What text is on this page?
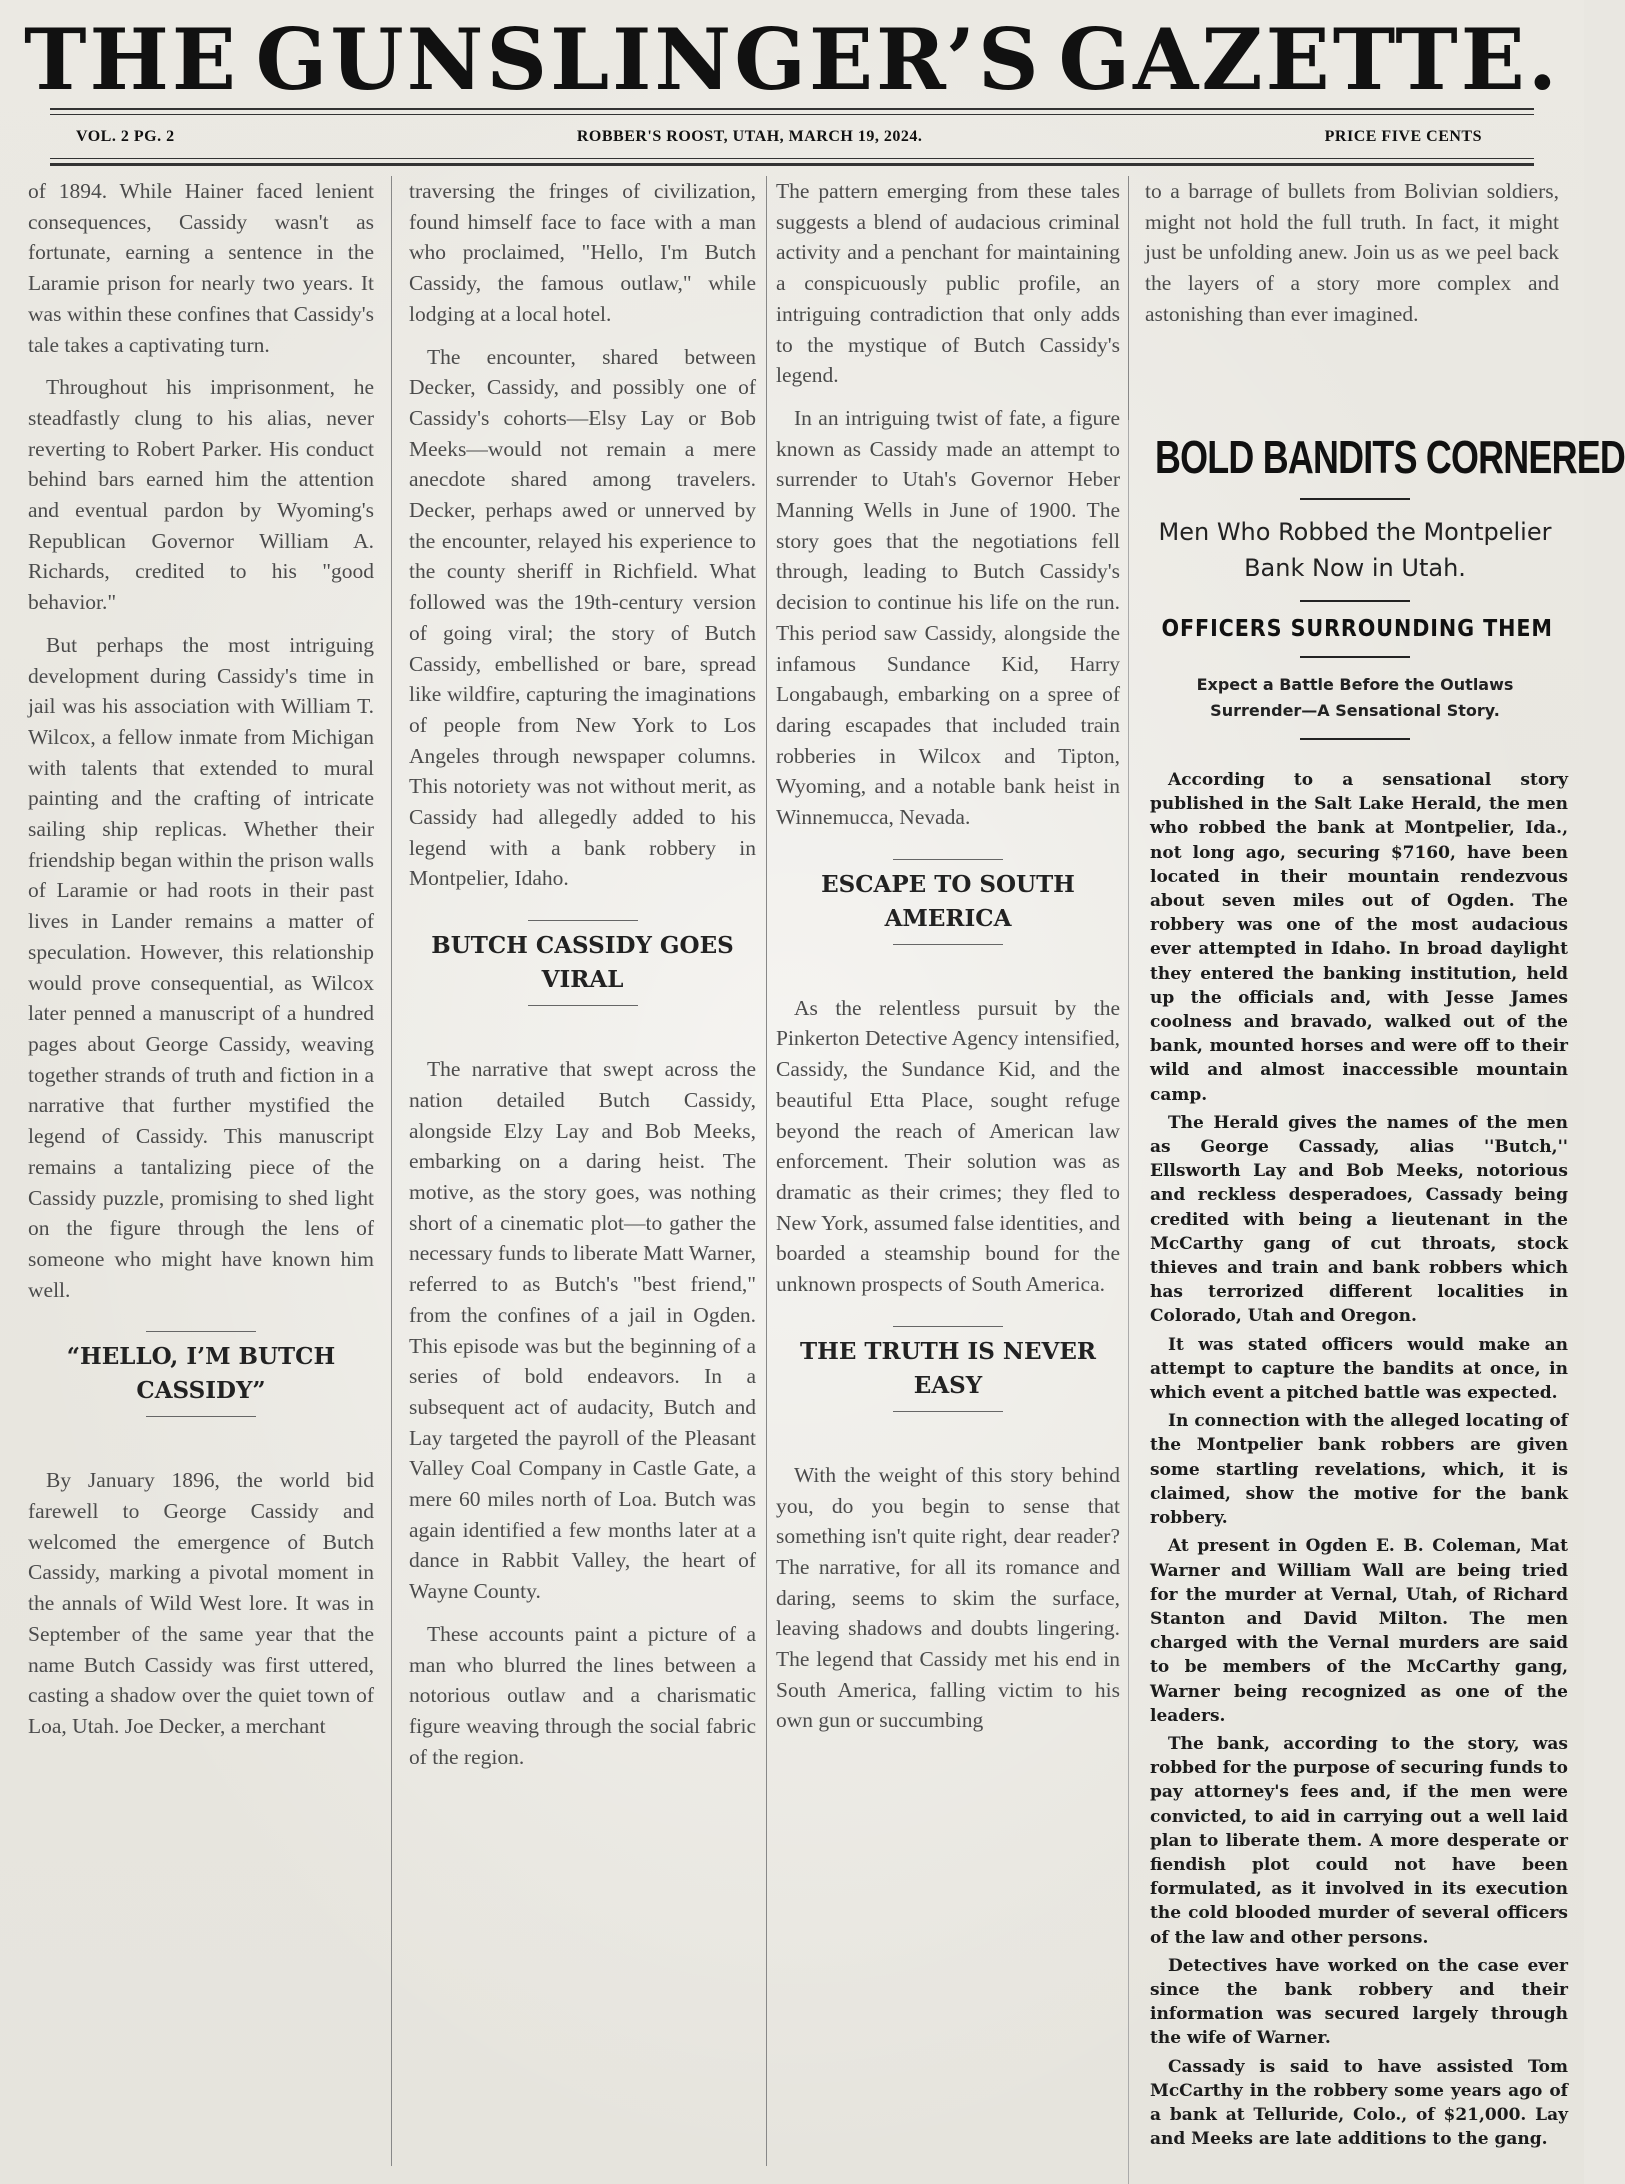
THE GUNSLINGER’S GAZETTE.
VOL. 2 PG. 2	ROBBER'S ROOST, UTAH, MARCH 19, 2024.	PRICE FIVE CENTS

of 1894. While Hainer faced lenient consequences, Cassidy wasn't as fortunate, earning a sentence in the Laramie prison for nearly two years. It was within these confines that Cassidy's tale takes a captivating turn.

Throughout his imprisonment, he steadfastly clung to his alias, never reverting to Robert Parker. His conduct behind bars earned him the attention and eventual pardon by Wyoming's Republican Governor William A. Richards, credited to his "good behavior."

But perhaps the most intriguing development during Cassidy's time in jail was his association with William T. Wilcox, a fellow inmate from Michigan with talents that extended to mural painting and the crafting of intricate sailing ship replicas. Whether their friendship began within the prison walls of Laramie or had roots in their past lives in Lander remains a matter of speculation. However, this relationship would prove consequential, as Wilcox later penned a manuscript of a hundred pages about George Cassidy, weaving together strands of truth and fiction in a narrative that further mystified the legend of Cassidy. This manuscript remains a tantalizing piece of the Cassidy puzzle, promising to shed light on the figure through the lens of someone who might have known him well.

“HELLO, I’M BUTCH CASSIDY”

By January 1896, the world bid farewell to George Cassidy and welcomed the emergence of Butch Cassidy, marking a pivotal moment in the annals of Wild West lore. It was in September of the same year that the name Butch Cassidy was first uttered, casting a shadow over the quiet town of Loa, Utah. Joe Decker, a merchant

traversing the fringes of civilization, found himself face to face with a man who proclaimed, "Hello, I'm Butch Cassidy, the famous outlaw," while lodging at a local hotel.

The encounter, shared between Decker, Cassidy, and possibly one of Cassidy's cohorts—Elsy Lay or Bob Meeks—would not remain a mere anecdote shared among travelers. Decker, perhaps awed or unnerved by the encounter, relayed his experience to the county sheriff in Richfield. What followed was the 19th-century version of going viral; the story of Butch Cassidy, embellished or bare, spread like wildfire, capturing the imaginations of people from New York to Los Angeles through newspaper columns. This notoriety was not without merit, as Cassidy had allegedly added to his legend with a bank robbery in Montpelier, Idaho.

BUTCH CASSIDY GOES VIRAL

The narrative that swept across the nation detailed Butch Cassidy, alongside Elzy Lay and Bob Meeks, embarking on a daring heist. The motive, as the story goes, was nothing short of a cinematic plot—to gather the necessary funds to liberate Matt Warner, referred to as Butch's "best friend," from the confines of a jail in Ogden. This episode was but the beginning of a series of bold endeavors. In a subsequent act of audacity, Butch and Lay targeted the payroll of the Pleasant Valley Coal Company in Castle Gate, a mere 60 miles north of Loa. Butch was again identified a few months later at a dance in Rabbit Valley, the heart of Wayne County.

These accounts paint a picture of a man who blurred the lines between a notorious outlaw and a charismatic figure weaving through the social fabric of the region.

The pattern emerging from these tales suggests a blend of audacious criminal activity and a penchant for maintaining a conspicuously public profile, an intriguing contradiction that only adds to the mystique of Butch Cassidy's legend.

In an intriguing twist of fate, a figure known as Cassidy made an attempt to surrender to Utah's Governor Heber Manning Wells in June of 1900. The story goes that the negotiations fell through, leading to Butch Cassidy's decision to continue his life on the run. This period saw Cassidy, alongside the infamous Sundance Kid, Harry Longabaugh, embarking on a spree of daring escapades that included train robberies in Wilcox and Tipton, Wyoming, and a notable bank heist in Winnemucca, Nevada.

ESCAPE TO SOUTH AMERICA

As the relentless pursuit by the Pinkerton Detective Agency intensified, Cassidy, the Sundance Kid, and the beautiful Etta Place, sought refuge beyond the reach of American law enforcement. Their solution was as dramatic as their crimes; they fled to New York, assumed false identities, and boarded a steamship bound for the unknown prospects of South America.

THE TRUTH IS NEVER EASY

With the weight of this story behind you, do you begin to sense that something isn't quite right, dear reader? The narrative, for all its romance and daring, seems to skim the surface, leaving shadows and doubts lingering. The legend that Cassidy met his end in South America, falling victim to his own gun or succumbing

to a barrage of bullets from Bolivian soldiers, might not hold the full truth. In fact, it might just be unfolding anew. Join us as we peel back the layers of a story more complex and astonishing than ever imagined.

BOLD BANDITS CORNERED
Men Who Robbed the Montpelier Bank Now in Utah.
OFFICERS SURROUNDING THEM
Expect a Battle Before the Outlaws Surrender—A Sensational Story.

According to a sensational story published in the Salt Lake Herald, the men who robbed the bank at Montpelier, Ida., not long ago, securing $7160, have been located in their mountain rendezvous about seven miles out of Ogden. The robbery was one of the most audacious ever attempted in Idaho. In broad daylight they entered the banking institution, held up the officials and, with Jesse James coolness and bravado, walked out of the bank, mounted horses and were off to their wild and almost inaccessible mountain camp.

The Herald gives the names of the men as George Cassady, alias ''Butch,'' Ellsworth Lay and Bob Meeks, notorious and reckless desperadoes, Cassady being credited with being a lieutenant in the McCarthy gang of cut throats, stock thieves and train and bank robbers which has terrorized different localities in Colorado, Utah and Oregon.

It was stated officers would make an attempt to capture the bandits at once, in which event a pitched battle was expected.

In connection with the alleged locating of the Montpelier bank robbers are given some startling revelations, which, it is claimed, show the motive for the bank robbery.

At present in Ogden E. B. Coleman, Mat Warner and William Wall are being tried for the murder at Vernal, Utah, of Richard Stanton and David Milton. The men charged with the Vernal murders are said to be members of the McCarthy gang, Warner being recognized as one of the leaders.

The bank, according to the story, was robbed for the purpose of securing funds to pay attorney's fees and, if the men were convicted, to aid in carrying out a well laid plan to liberate them. A more desperate or fiendish plot could not have been formulated, as it involved in its execution the cold blooded murder of several officers of the law and other persons.

Detectives have worked on the case ever since the bank robbery and their information was secured largely through the wife of Warner.

Cassady is said to have assisted Tom McCarthy in the robbery some years ago of a bank at Telluride, Colo., of $21,000. Lay and Meeks are late additions to the gang.
